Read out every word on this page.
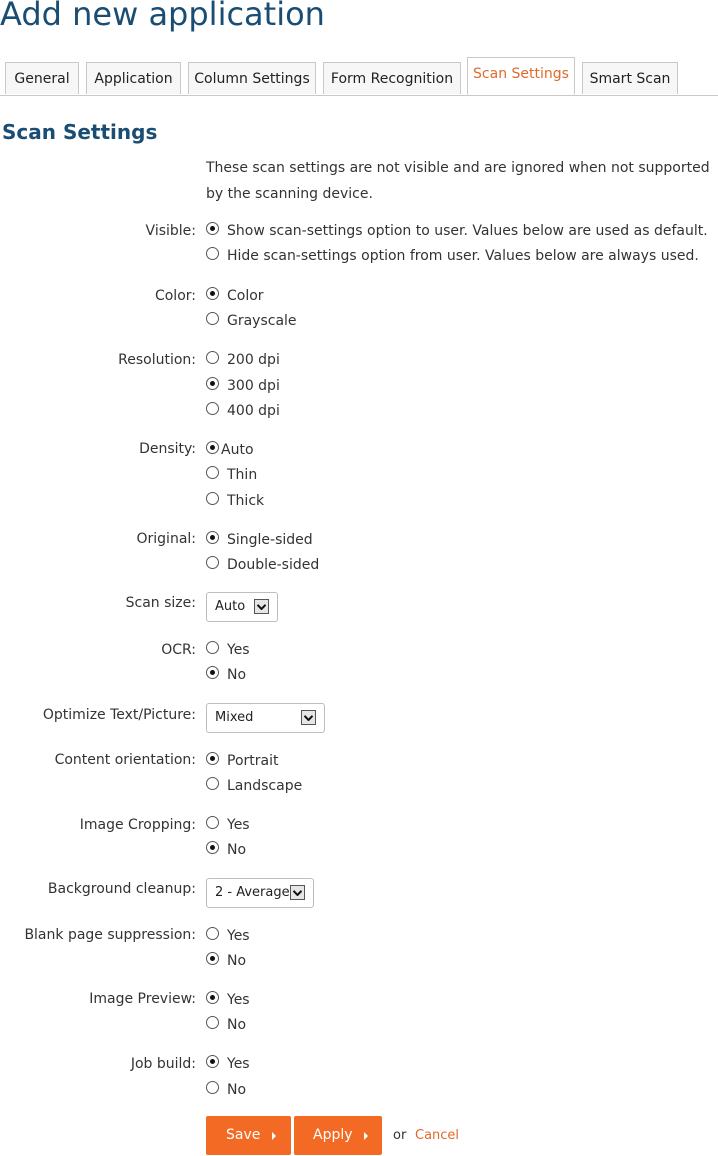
Add new application
General	Application	Column Settings	Form Recognition	Scan Settings	Smart Scan
Scan Settings
These scan settings are not visible and are ignored when not supported by the scanning device.
Visible: Show scan-settings option to user. Values below are used as default.
Hide scan-settings option from user. Values below are always used.
Color: Color
Grayscale
Resolution: 200 dpi
300 dpi
400 dpi
Density: Auto
Thin
Thick
Original: Single-sided
Double-sided
Scan size: Auto
OCR: Yes
No
Optimize Text/Picture: Mixed
Content orientation: Portrait
Landscape
Image Cropping: Yes
No
Background cleanup: 2 - Average
Blank page suppression: Yes
No
Image Preview: Yes
No
Job build: Yes
No
Save	Apply	or Cancel
